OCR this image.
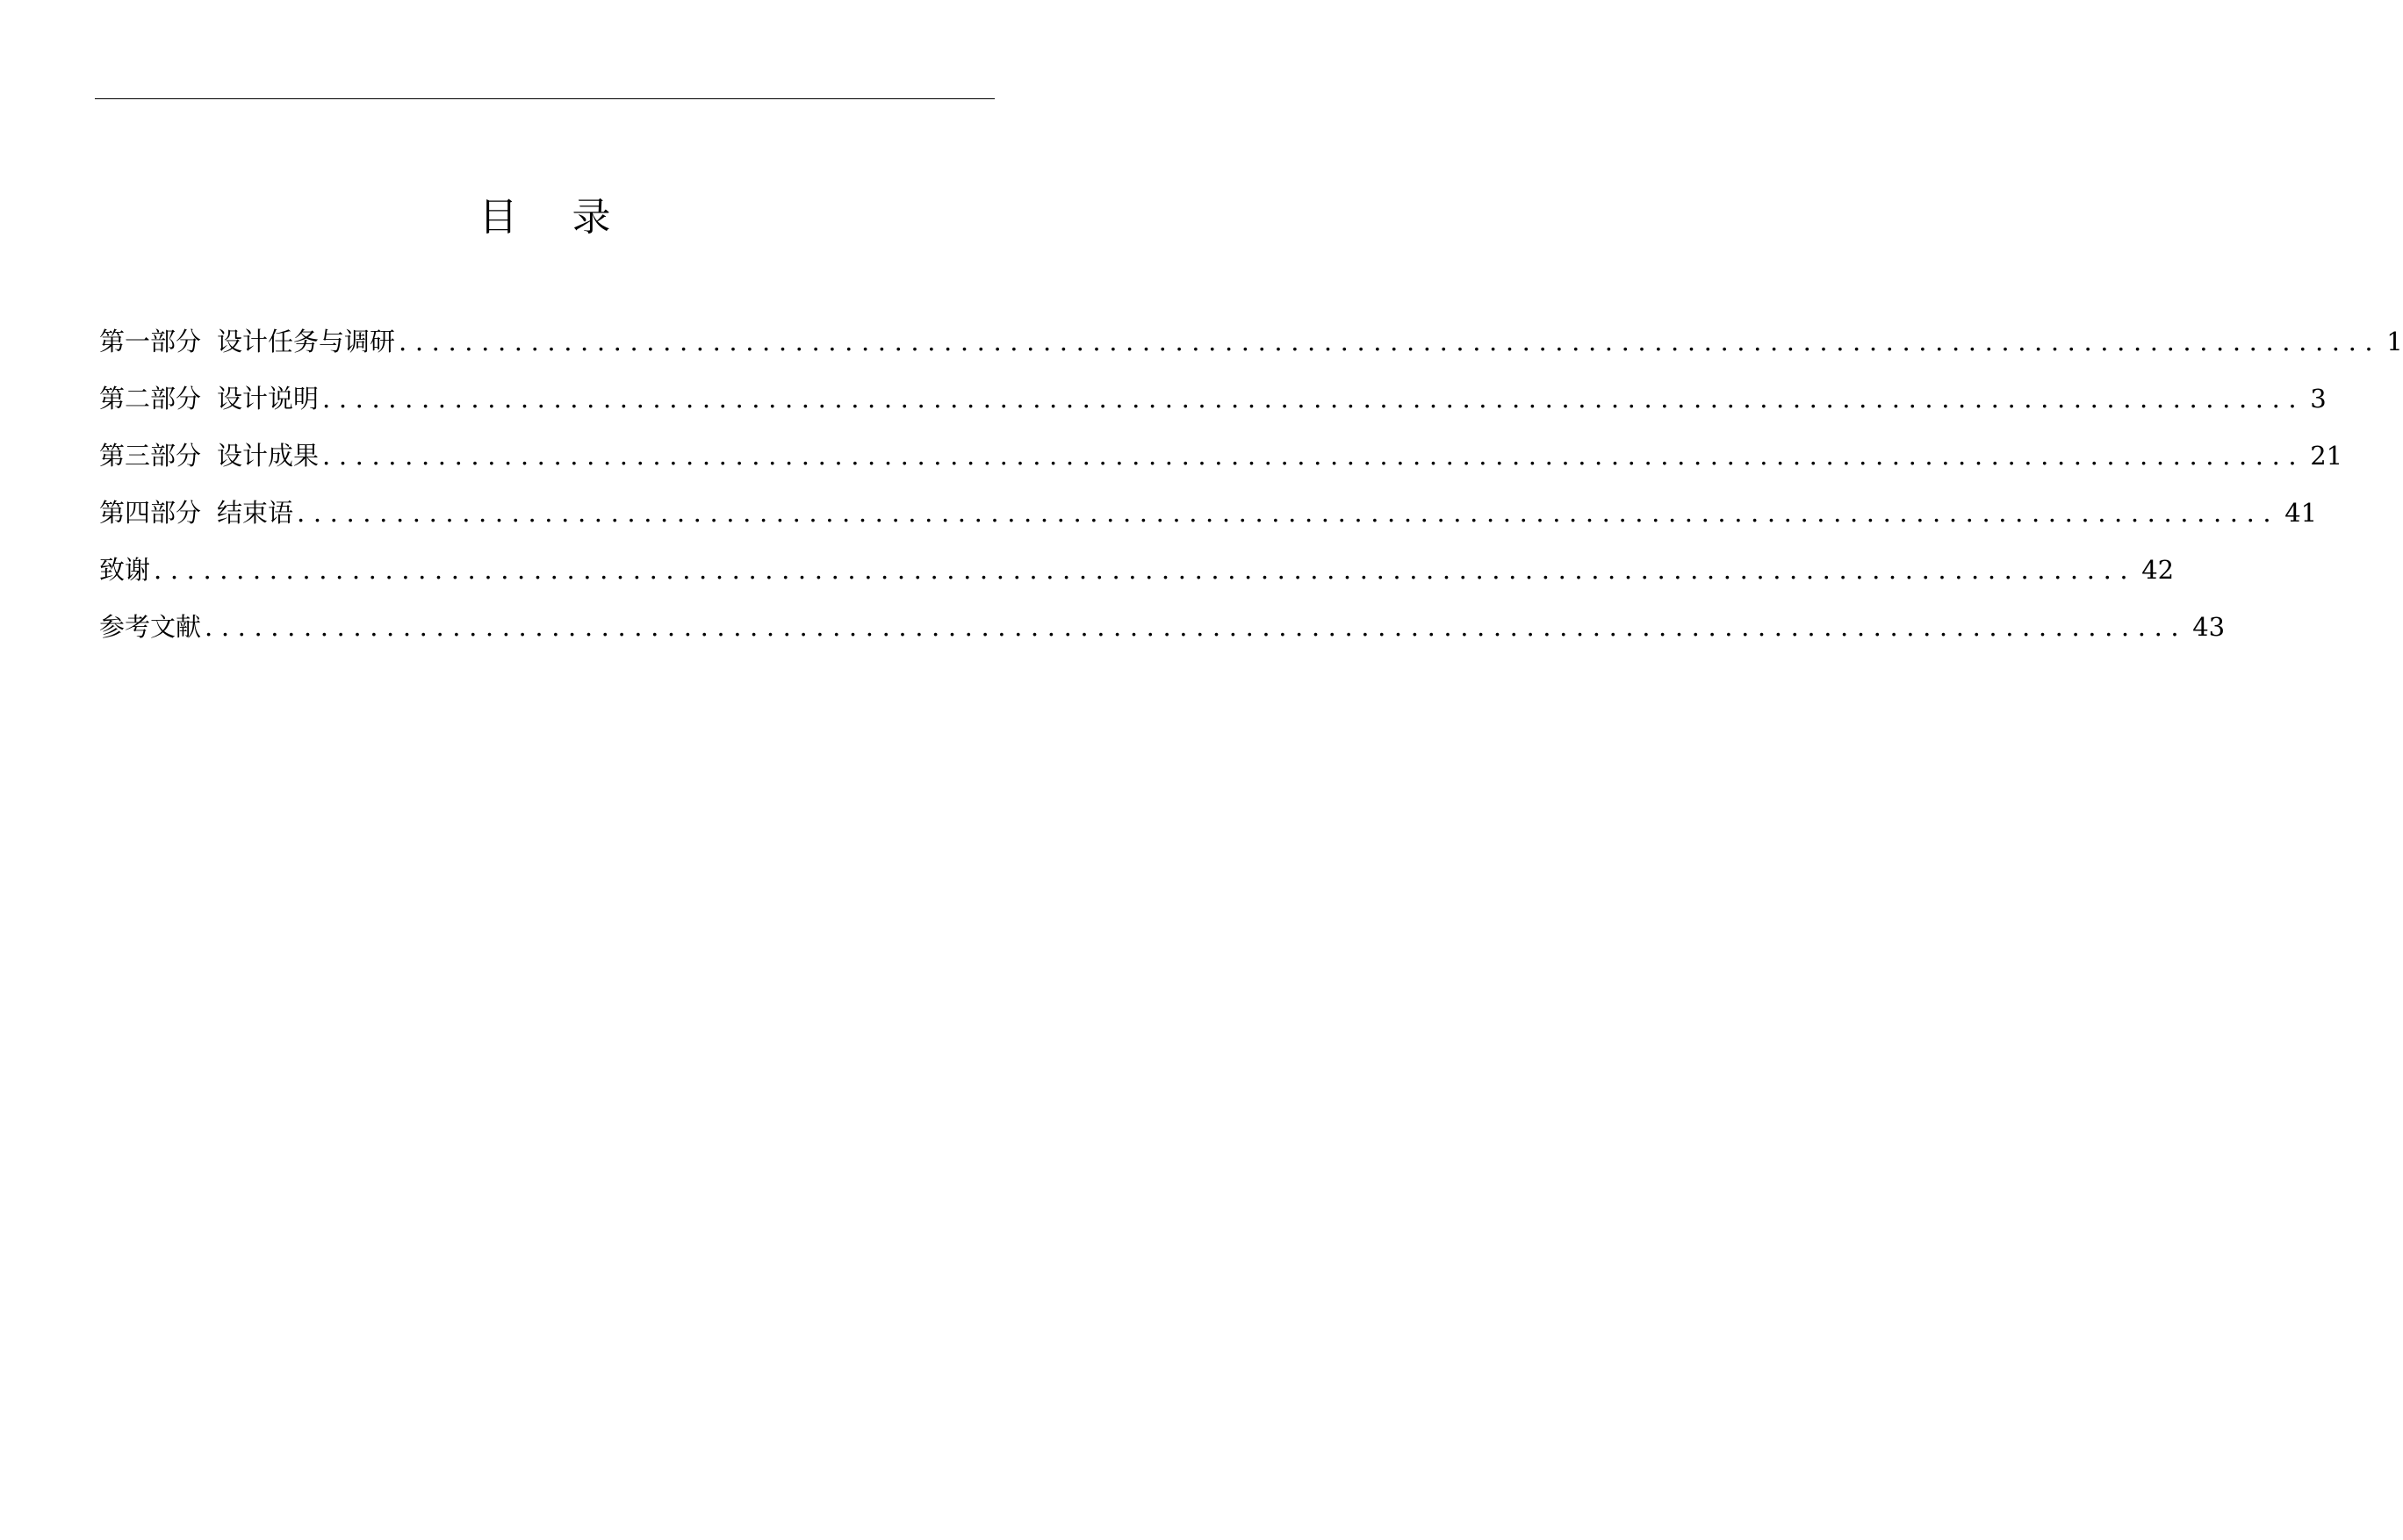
目 录
第一部分 设计任务与调研 ........................................................................................................................ 1
第二部分 设计说明 ........................................................................................................................ 3
第三部分 设计成果 ........................................................................................................................ 21
第四部分 结束语 ........................................................................................................................ 41
致谢 ........................................................................................................................ 42
参考文献 ........................................................................................................................ 43
